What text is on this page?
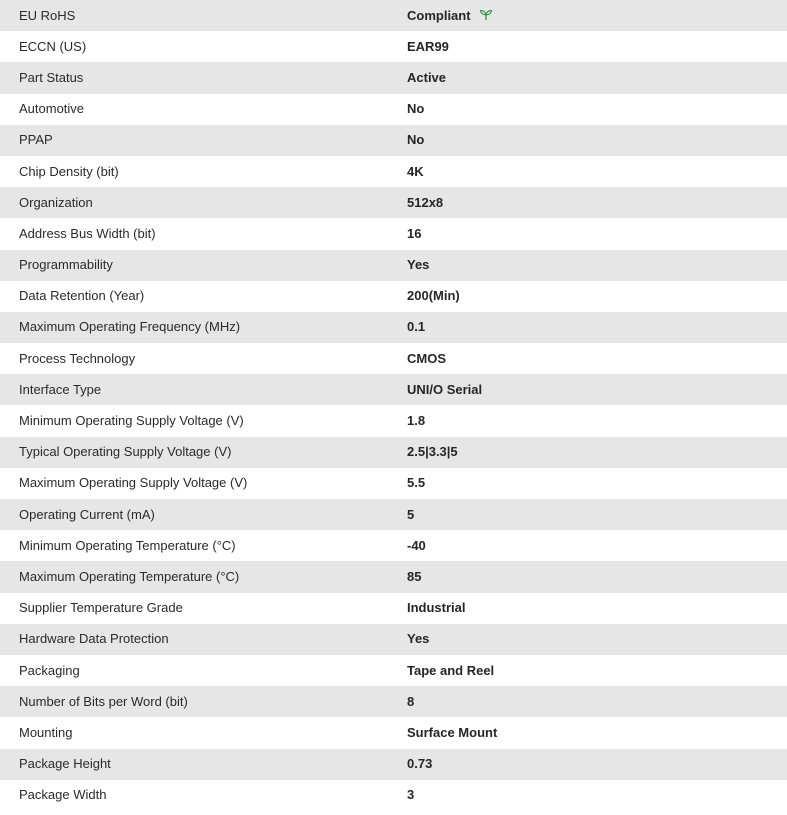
EU RoHS	Compliant
ECCN (US)	EAR99
Part Status	Active
Automotive	No
PPAP	No
Chip Density (bit)	4K
Organization	512x8
Address Bus Width (bit)	16
Programmability	Yes
Data Retention (Year)	200(Min)
Maximum Operating Frequency (MHz)	0.1
Process Technology	CMOS
Interface Type	UNI/O Serial
Minimum Operating Supply Voltage (V)	1.8
Typical Operating Supply Voltage (V)	2.5|3.3|5
Maximum Operating Supply Voltage (V)	5.5
Operating Current (mA)	5
Minimum Operating Temperature (°C)	-40
Maximum Operating Temperature (°C)	85
Supplier Temperature Grade	Industrial
Hardware Data Protection	Yes
Packaging	Tape and Reel
Number of Bits per Word (bit)	8
Mounting	Surface Mount
Package Height	0.73
Package Width	3
